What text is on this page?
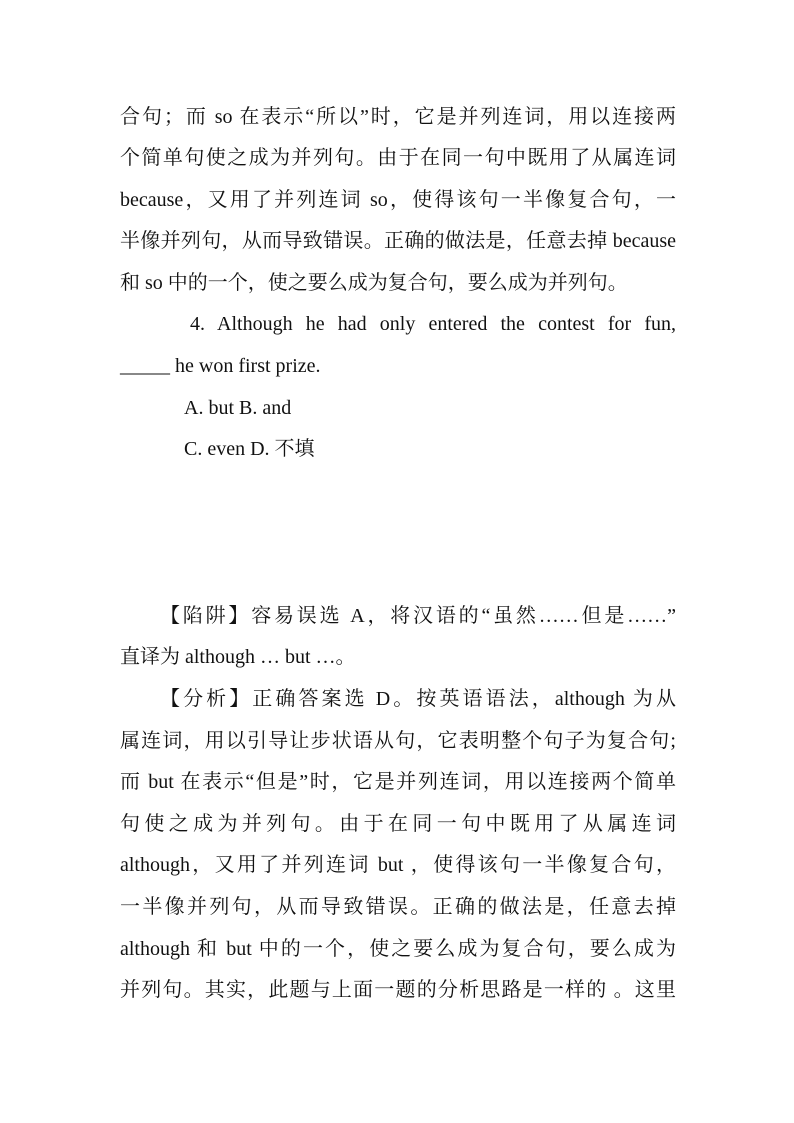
合句；而 so 在表示“所以”时，它是并列连词，用以连接两
个简单句使之成为并列句。由于在同一句中既用了从属连词
because，又用了并列连词 so，使得该句一半像复合句，一
半像并列句，从而导致错误。正确的做法是，任意去掉 because
和 so 中的一个，使之要么成为复合句，要么成为并列句。
4. Although he had only entered the contest for fun,
_____ he won first prize.
A. but B. and
C. even D. 不填
【陷阱】容易误选 A，将汉语的“虽然……但是……”
直译为 although … but …。
【分析】正确答案选 D。按英语语法，although 为从
属连词，用以引导让步状语从句，它表明整个句子为复合句;
而 but 在表示“但是”时，它是并列连词，用以连接两个简单
句使之成为并列句。由于在同一句中既用了从属连词
although，又用了并列连词 but ，使得该句一半像复合句，
一半像并列句，从而导致错误。正确的做法是，任意去掉
although 和 but 中的一个，使之要么成为复合句，要么成为
并列句。其实，此题与上面一题的分析思路是一样的 。这里
